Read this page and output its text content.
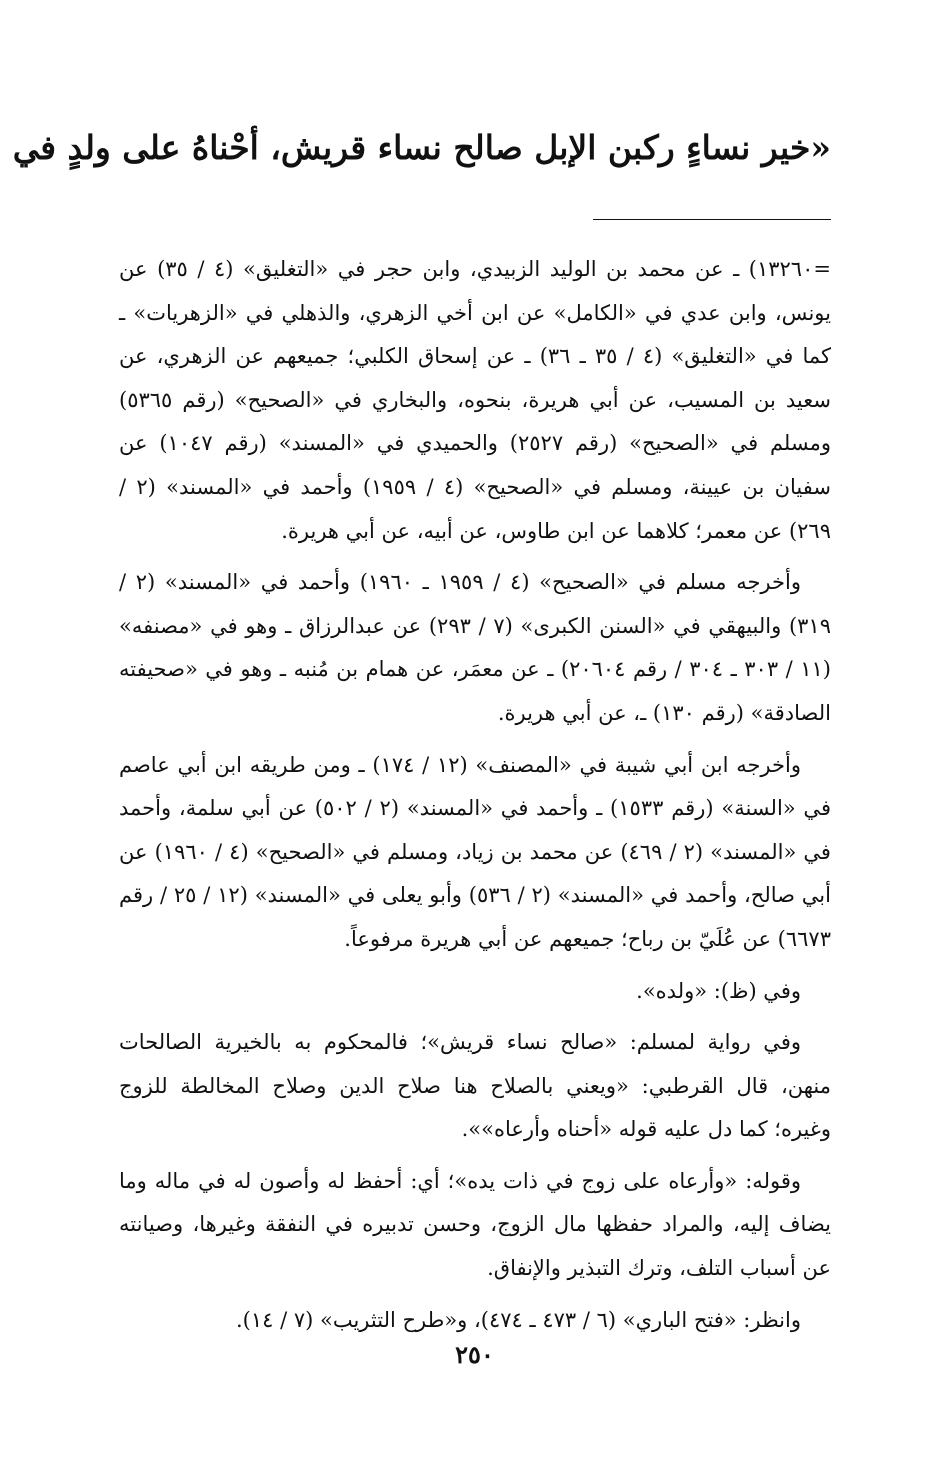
«خير نساءٍ ركبن الإبل صالح نساء قريش، أحْناهُ على ولدٍ في

=١٣٢٦٠) ـ عن محمد بن الوليد الزبيدي، وابن حجر في «التغليق» (٤ / ٣٥) عن يونس، وابن عدي في «الكامل» عن ابن أخي الزهري، والذهلي في «الزهريات» ـ كما في «التغليق» (٤ / ٣٥ ـ ٣٦) ـ عن إسحاق الكلبي؛ جميعهم عن الزهري، عن سعيد بن المسيب، عن أبي هريرة، بنحوه، والبخاري في «الصحيح» (رقم ٥٣٦٥) ومسلم في «الصحيح» (رقم ٢٥٢٧) والحميدي في «المسند» (رقم ١٠٤٧) عن سفيان بن عيينة، ومسلم في «الصحيح» (٤ / ١٩٥٩) وأحمد في «المسند» (٢ / ٢٦٩) عن معمر؛ كلاهما عن ابن طاوس، عن أبيه، عن أبي هريرة.

وأخرجه مسلم في «الصحيح» (٤ / ١٩٥٩ ـ ١٩٦٠) وأحمد في «المسند» (٢ / ٣١٩) والبيهقي في «السنن الكبرى» (٧ / ٢٩٣) عن عبدالرزاق ـ وهو في «مصنفه» (١١ / ٣٠٣ ـ ٣٠٤ / رقم ٢٠٦٠٤) ـ عن معمَر، عن همام بن مُنبه ـ وهو في «صحيفته الصادقة» (رقم ١٣٠) ـ، عن أبي هريرة.

وأخرجه ابن أبي شيبة في «المصنف» (١٢ / ١٧٤) ـ ومن طريقه ابن أبي عاصم في «السنة» (رقم ١٥٣٣) ـ وأحمد في «المسند» (٢ / ٥٠٢) عن أبي سلمة، وأحمد في «المسند» (٢ / ٤٦٩) عن محمد بن زياد، ومسلم في «الصحيح» (٤ / ١٩٦٠) عن أبي صالح، وأحمد في «المسند» (٢ / ٥٣٦) وأبو يعلى في «المسند» (١٢ / ٢٥ / رقم ٦٦٧٣) عن عُلَيّ بن رباح؛ جميعهم عن أبي هريرة مرفوعاً.

وفي (ظ): «ولده».

وفي رواية لمسلم: «صالح نساء قريش»؛ فالمحكوم به بالخيرية الصالحات منهن، قال القرطبي: «ويعني بالصلاح هنا صلاح الدين وصلاح المخالطة للزوج وغيره؛ كما دل عليه قوله «أحناه وأرعاه»».

وقوله: «وأرعاه على زوج في ذات يده»؛ أي: أحفظ له وأصون له في ماله وما يضاف إليه، والمراد حفظها مال الزوج، وحسن تدبيره في النفقة وغيرها، وصيانته عن أسباب التلف، وترك التبذير والإنفاق.

وانظر: «فتح الباري» (٦ / ٤٧٣ ـ ٤٧٤)، و«طرح التثريب» (٧ / ١٤).

٢٥٠
